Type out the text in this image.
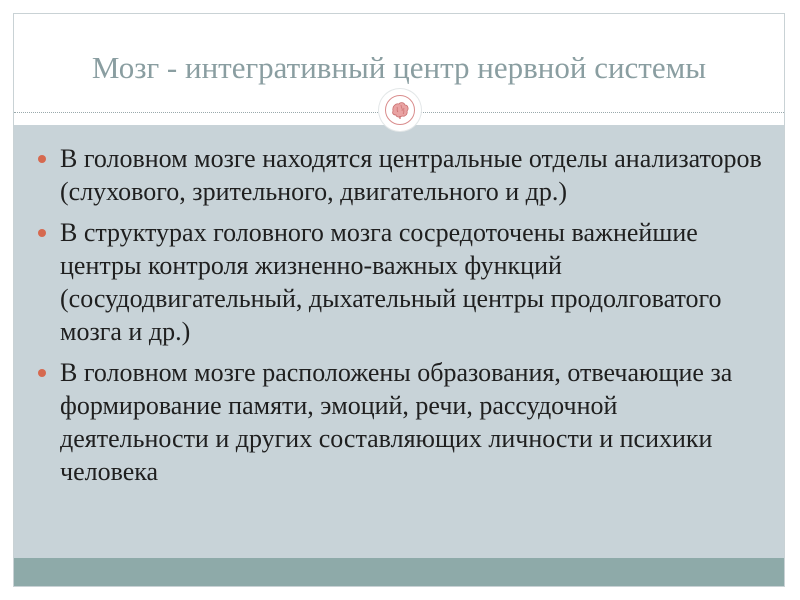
Мозг - интегративный центр нервной системы
В головном мозге находятся центральные отделы анализаторов (слухового, зрительного, двигательного и др.)
В структурах головного мозга сосредоточены важнейшие центры контроля жизненно-важных функций (сосудодвигательный, дыхательный центры продолговатого мозга и др.)
В головном мозге расположены образования, отвечающие за формирование памяти, эмоций, речи, рассудочной деятельности и других составляющих личности и психики человека
